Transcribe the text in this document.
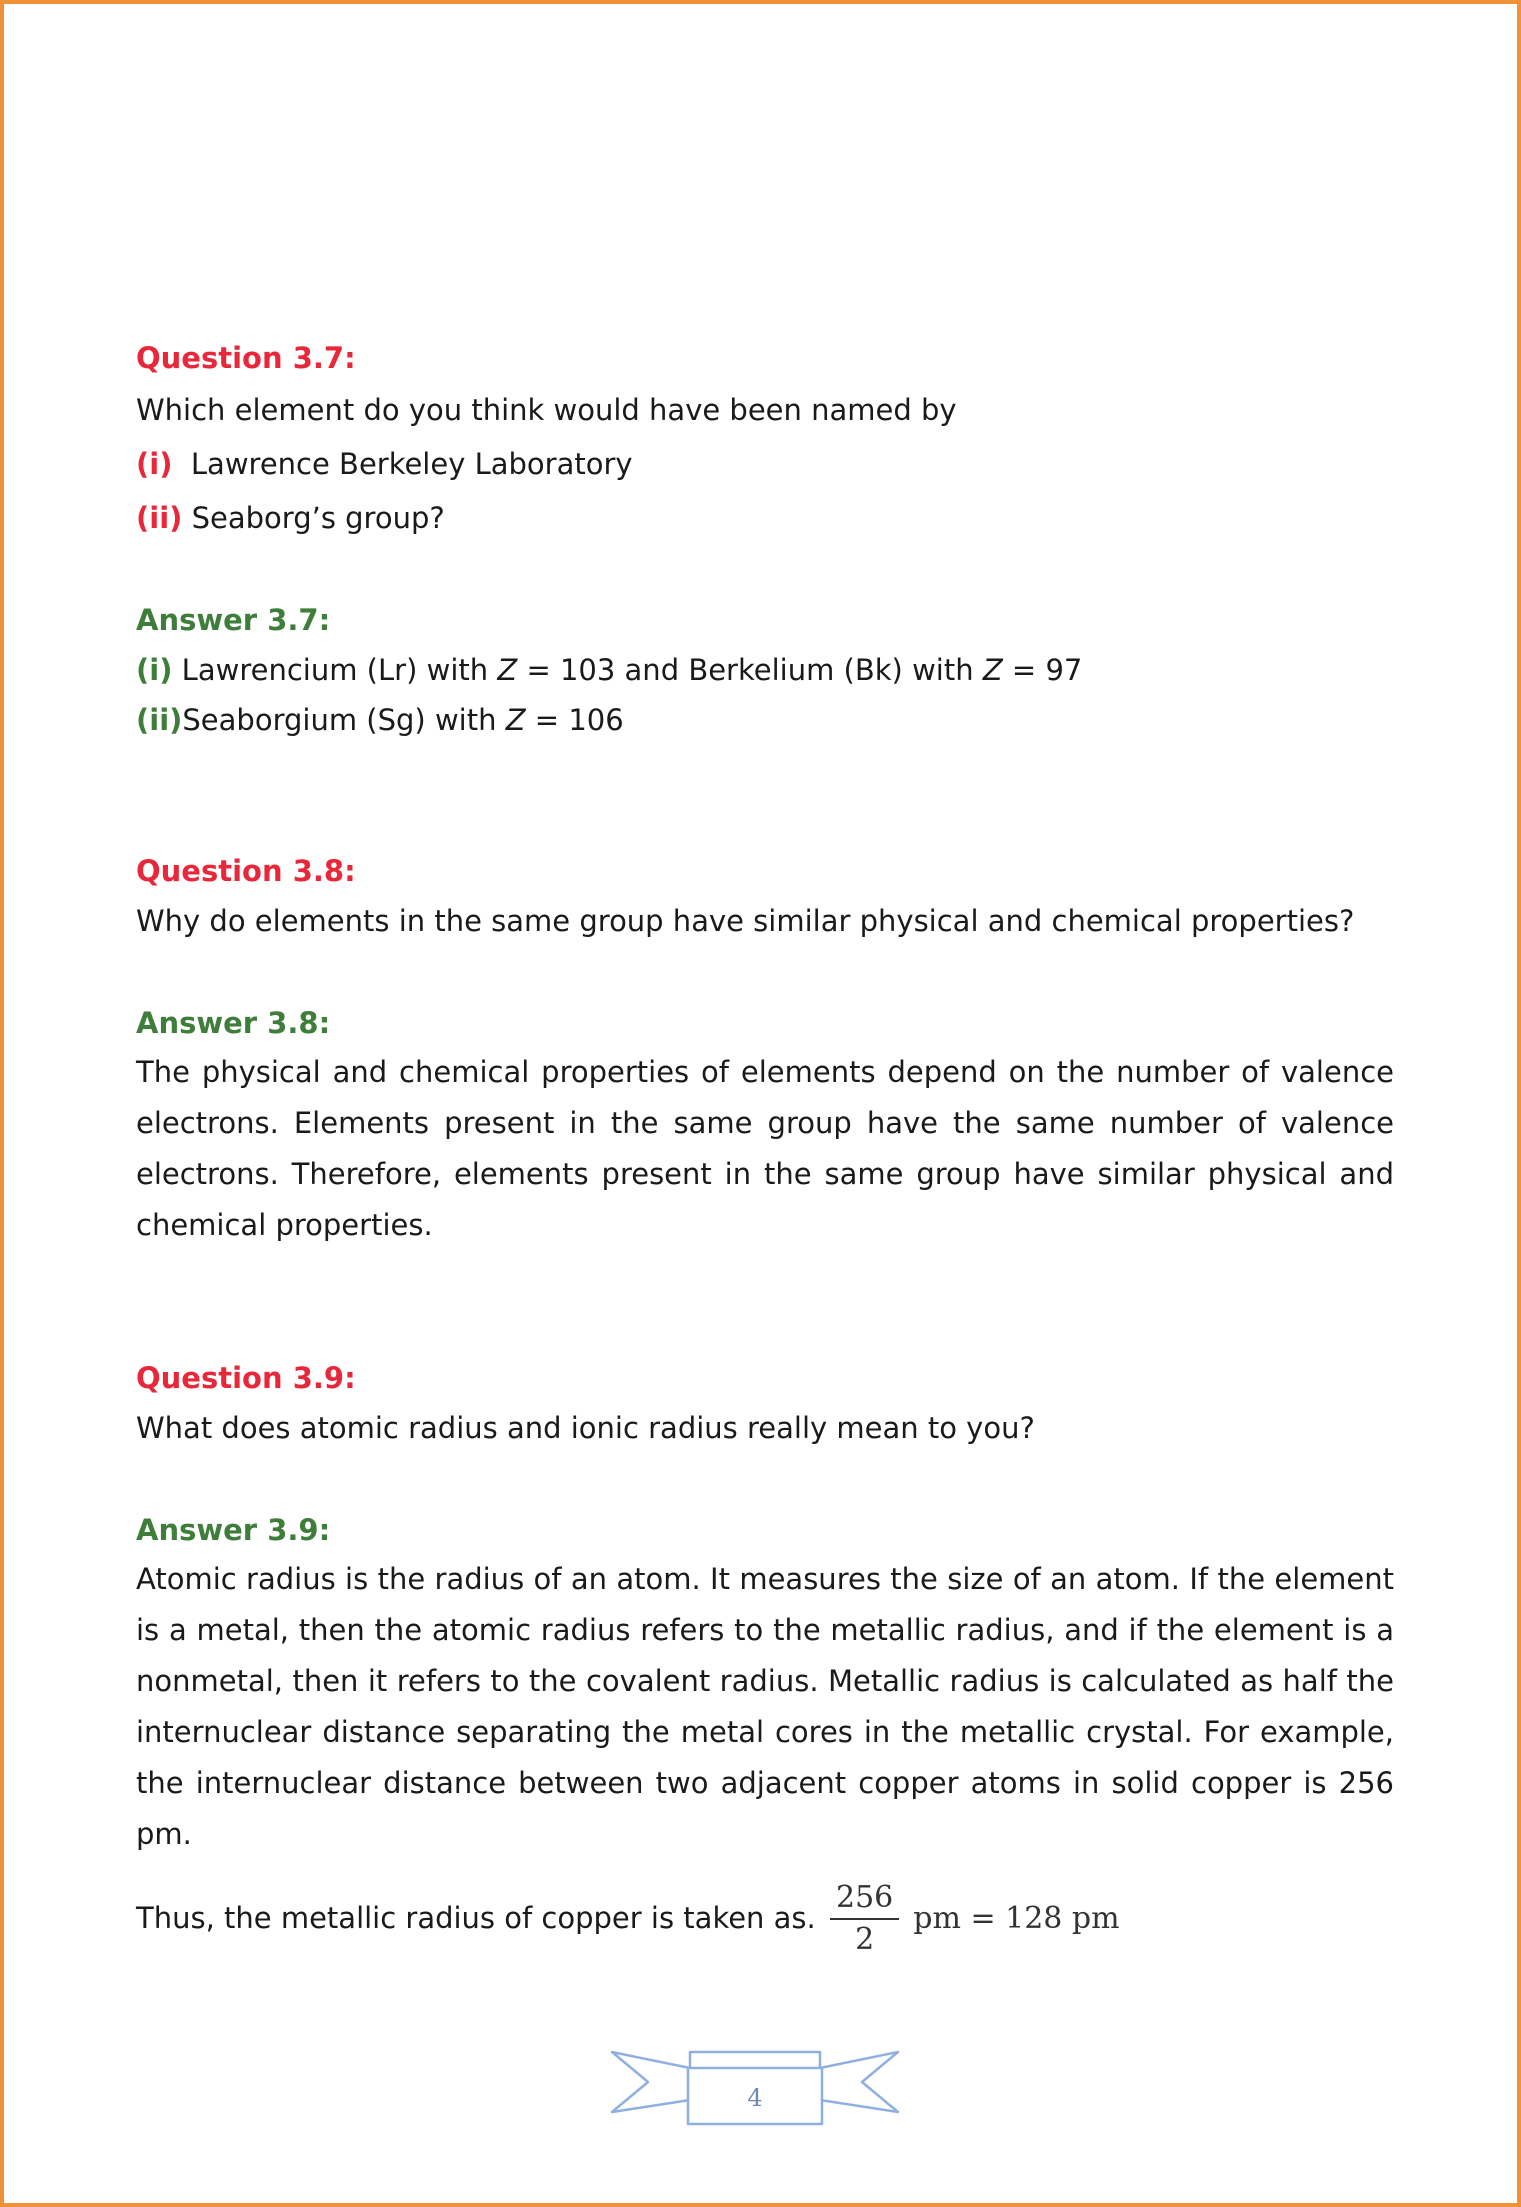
Question 3.7:
Which element do you think would have been named by
(i) Lawrence Berkeley Laboratory
(ii) Seaborg’s group?
Answer 3.7:
(i) Lawrencium (Lr) with Z = 103 and Berkelium (Bk) with Z = 97
(ii)Seaborgium (Sg) with Z = 106
Question 3.8:
Why do elements in the same group have similar physical and chemical properties?
Answer 3.8:
The physical and chemical properties of elements depend on the number of valence electrons. Elements present in the same group have the same number of valence electrons. Therefore, elements present in the same group have similar physical and chemical properties.
Question 3.9:
What does atomic radius and ionic radius really mean to you?
Answer 3.9:
Atomic radius is the radius of an atom. It measures the size of an atom. If the element is a metal, then the atomic radius refers to the metallic radius, and if the element is a nonmetal, then it refers to the covalent radius. Metallic radius is calculated as half the internuclear distance separating the metal cores in the metallic crystal. For example, the internuclear distance between two adjacent copper atoms in solid copper is 256 pm.
Thus, the metallic radius of copper is taken as. $\frac{256}{2}$ pm = 128 pm
4
